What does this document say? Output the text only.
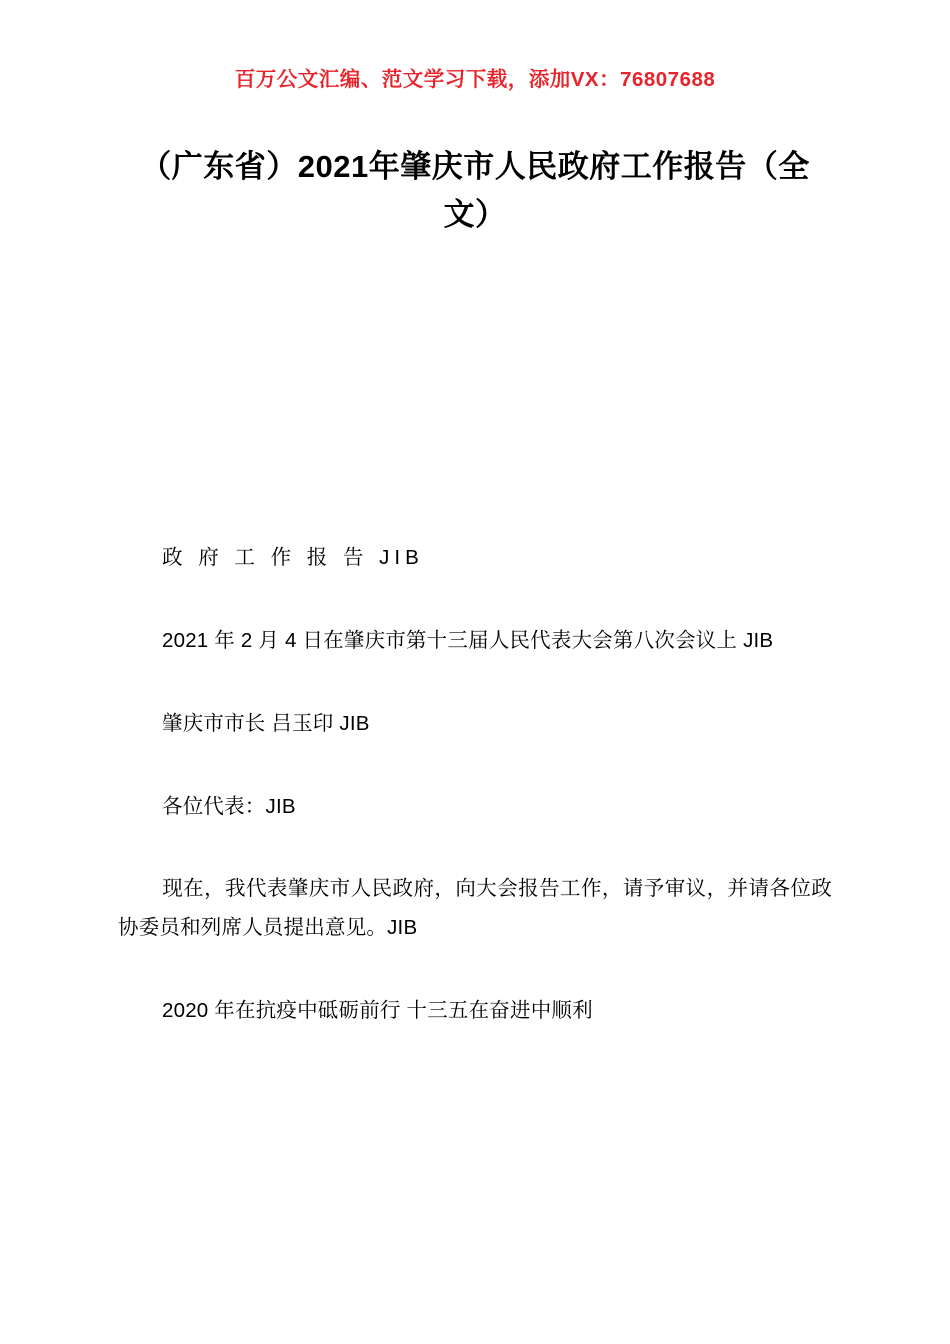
百万公文汇编、范文学习下载，添加VX：76807688
（广东省）2021年肇庆市人民政府工作报告（全文）

政 府 工 作 报 告 JIB

2021 年 2 月 4 日在肇庆市第十三届人民代表大会第八次会议上 JIB

肇庆市市长 吕玉印 JIB

各位代表：JIB

现在，我代表肇庆市人民政府，向大会报告工作，请予审议，并请各位政协委员和列席人员提出意见。JIB

2020 年在抗疫中砥砺前行 十三五在奋进中顺利
